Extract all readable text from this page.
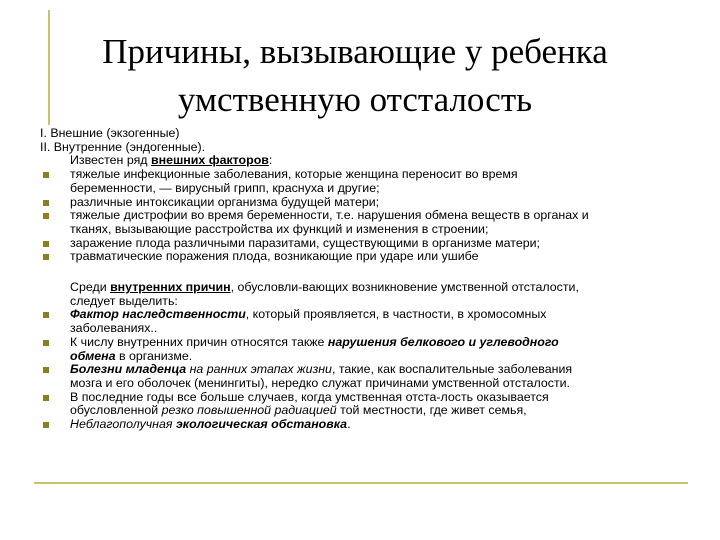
Причины, вызывающие у ребенка
умственную отсталость
I. Внешние (экзогенные)
II. Внутренние (эндогенные).
Известен ряд внешних факторов:
тяжелые инфекционные заболевания, которые женщина переносит во время
беременности, — вирусный грипп, краснуха и другие;
различные интоксикации организма будущей матери;
тяжелые дистрофии во время беременности, т.е. нарушения обмена веществ в органах и
тканях, вызывающие расстройства их функций и изменения в строении;
заражение плода различными паразитами, существующими в организме матери;
травматические поражения плода, возникающие при ударе или ушибе
Среди внутренних причин, обусловли-вающих возникновение умственной отсталости,
следует выделить:
Фактор наследственности, который проявляется, в частности, в хромосомных
заболеваниях..
К числу внутренних причин относятся также нарушения белкового и углеводного
обмена в организме.
Болезни младенца на ранних этапах жизни, такие, как воспалительные заболевания
мозга и его оболочек (менингиты), нередко служат причинами умственной отсталости.
В последние годы все больше случаев, когда умственная отста-лость оказывается
обусловленной резко повышенной радиацией той местности, где живет семья,
Неблагополучная экологическая обстановка.
